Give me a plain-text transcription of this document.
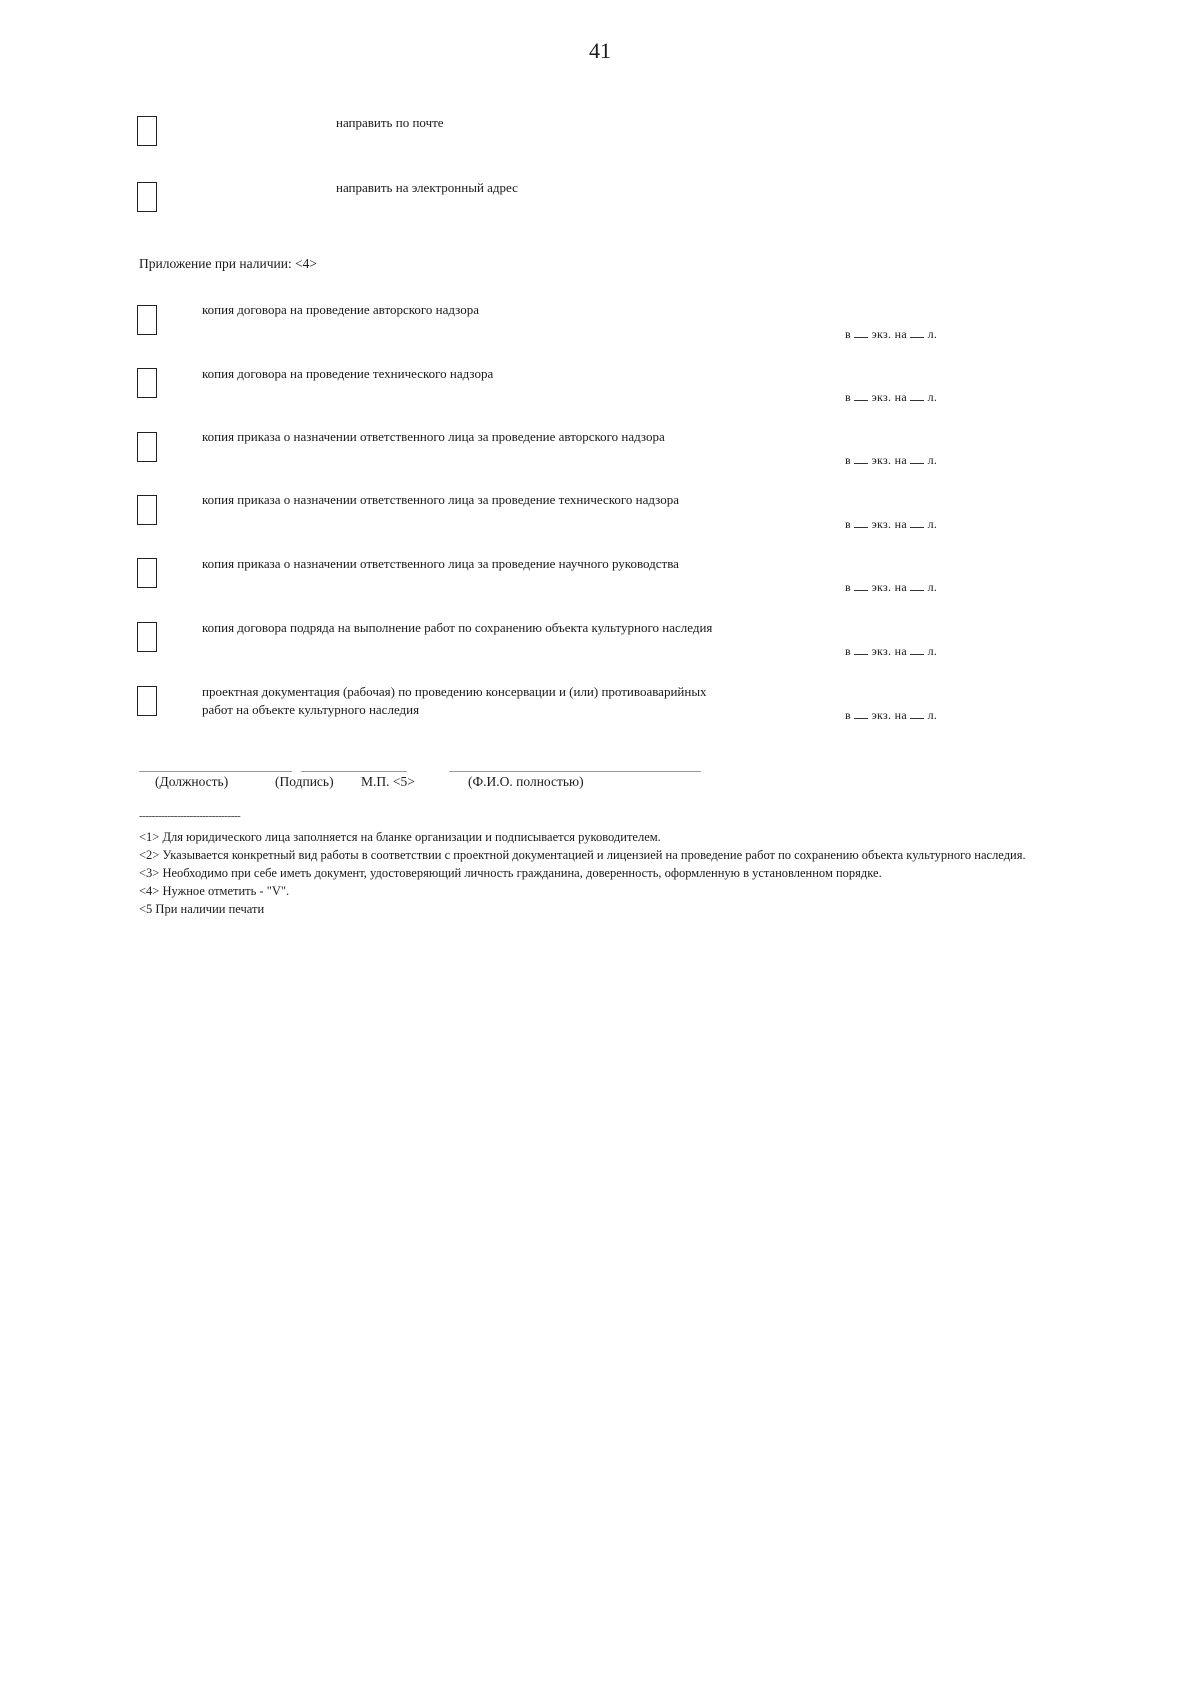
41
направить по почте
направить на электронный адрес
Приложение при наличии: <4>
копия договора на проведение авторского надзора
в экз. на л.
копия договора на проведение технического надзора
в экз. на л.
копия приказа о назначении ответственного лица за проведение авторского надзора
в экз. на л.
копия приказа о назначении ответственного лица за проведение технического надзора
в экз. на л.
копия приказа о назначении ответственного лица за проведение научного руководства
в экз. на л.
копия договора подряда на выполнение работ по сохранению объекта культурного наследия
в экз. на л.
проектная документация (рабочая) по проведению консервации и (или) противоаварийных работ на объекте культурного наследия	в экз. на л.
(Должность)	(Подпись) М.П. <5>	(Ф.И.О. полностью)
--------------------------------
<1> Для юридического лица заполняется на бланке организации и подписывается руководителем.
<2> Указывается конкретный вид работы в соответствии с проектной документацией и лицензией на проведение работ по сохранению объекта культурного наследия.
<3> Необходимо при себе иметь документ, удостоверяющий личность гражданина, доверенность, оформленную в установленном порядке.
<4> Нужное отметить - "V".
<5 При наличии печати
